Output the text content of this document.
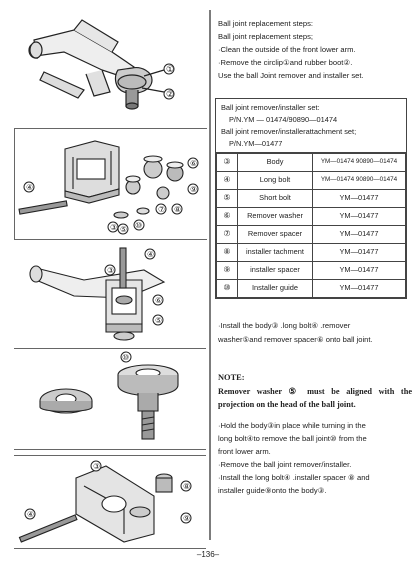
①
②
④
③ ⑤
⑥
⑦ ⑧
⑨
⑩
④
③
⑥
⑤
⑩
③
⑧
④	⑨
Ball joint replacement steps:
Ball joint replacement steps;
·Clean the outside of the front lower arm.
·Remove the circlip①and rubber boot②.
Use the ball Joint remover and installer set.
Ball joint remover/installer set:
P/N.YM — 01474/90890—01474
Ball joint remover/installerattachment set;
P/N.YM—01477
③	Body	YM—01474 90890—01474
④	Long bolt	YM—01474 90890—01474
⑤	Short bolt	YM—01477
⑥	Remover washer	YM—01477
⑦	Remover spacer	YM—01477
⑧	installer tachment	YM—01477
⑨	installer spacer	YM—01477
⑩	Installer guide	YM—01477
·Install the body③ .long bolt④ .remover
washer⑤and remover spacer⑥ onto ball joint.
NOTE:
Remover washer ⑤ must be aligned with the projection on the head of the ball joint.
·Hold the body③in place while turning in the
long bolt④to remove the ball joint⑩ from the
front lower arm.
·Remove the ball joint remover/installer.
·Install the long bolt④ .installer spacer ⑧ and
installer guide⑨onto the body③.
–136–
